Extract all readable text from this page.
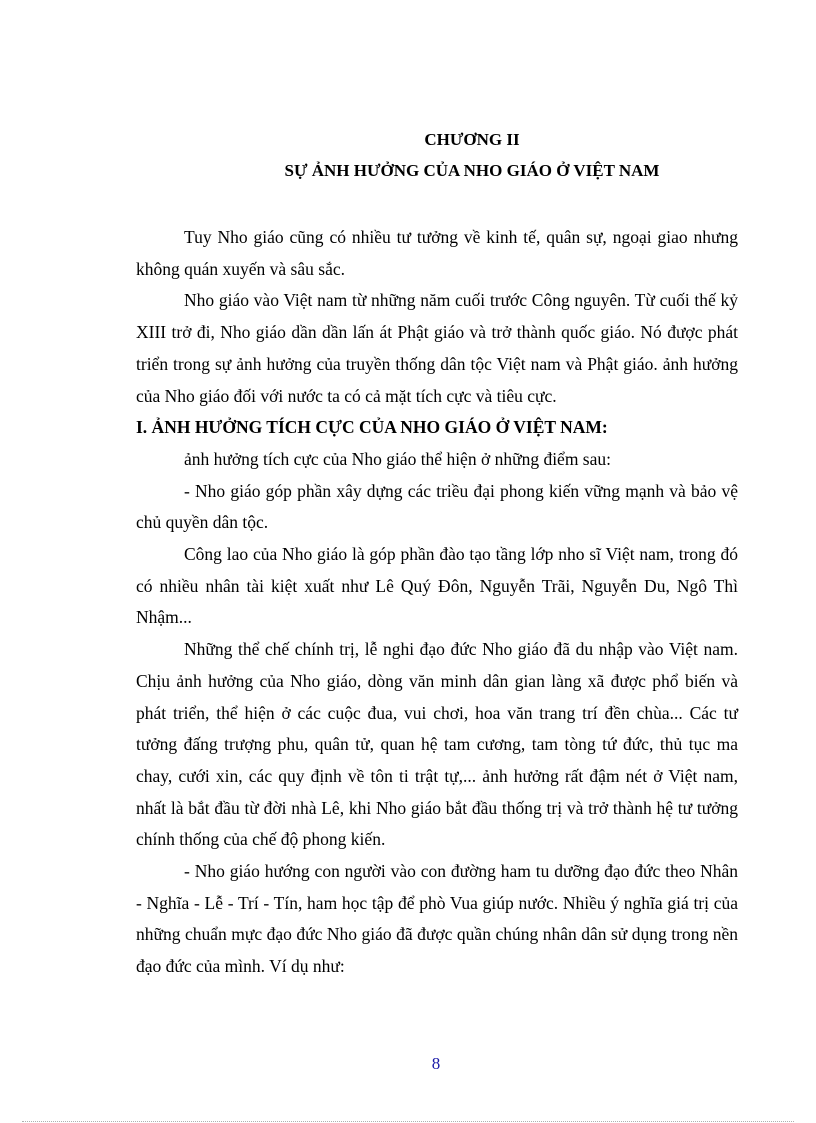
CHƯƠNG II
SỰ ẢNH HƯỞNG CỦA NHO GIÁO Ở VIỆT NAM

Tuy Nho giáo cũng có nhiều tư tưởng về kinh tế, quân sự, ngoại giao nhưng không quán xuyến và sâu sắc.

Nho giáo vào Việt nam từ những năm cuối trước Công nguyên. Từ cuối thế kỷ XIII trở đi, Nho giáo dần dần lấn át Phật giáo và trở thành quốc giáo. Nó được phát triển trong sự ảnh hưởng của truyền thống dân tộc Việt nam và Phật giáo. ảnh hưởng của Nho giáo đối với nước ta có cả mặt tích cực và tiêu cực.

I. ẢNH HƯỞNG TÍCH CỰC CỦA NHO GIÁO Ở VIỆT NAM:

ảnh hưởng tích cực của Nho giáo thể hiện ở những điểm sau:

- Nho giáo góp phần xây dựng các triều đại phong kiến vững mạnh và bảo vệ chủ quyền dân tộc.

Công lao của Nho giáo là góp phần đào tạo tầng lớp nho sĩ Việt nam, trong đó có nhiều nhân tài kiệt xuất như Lê Quý Đôn, Nguyễn Trãi, Nguyễn Du, Ngô Thì Nhậm...

Những thể chế chính trị, lễ nghi đạo đức Nho giáo đã du nhập vào Việt nam. Chịu ảnh hưởng của Nho giáo, dòng văn minh dân gian làng xã được phổ biến và phát triển, thể hiện ở các cuộc đua, vui chơi, hoa văn trang trí đền chùa... Các tư tưởng đấng trượng phu, quân tử, quan hệ tam cương, tam tòng tứ đức, thủ tục ma chay, cưới xin, các quy định về tôn ti trật tự,... ảnh hưởng rất đậm nét ở Việt nam, nhất là bắt đầu từ đời nhà Lê, khi Nho giáo bắt đầu thống trị và trở thành hệ tư tưởng chính thống của chế độ phong kiến.

- Nho giáo hướng con người vào con đường ham tu dưỡng đạo đức theo Nhân - Nghĩa - Lễ - Trí - Tín, ham học tập để phò Vua giúp nước. Nhiều ý nghĩa giá trị của những chuẩn mực đạo đức Nho giáo đã được quần chúng nhân dân sử dụng trong nền đạo đức của mình. Ví dụ như:

8
